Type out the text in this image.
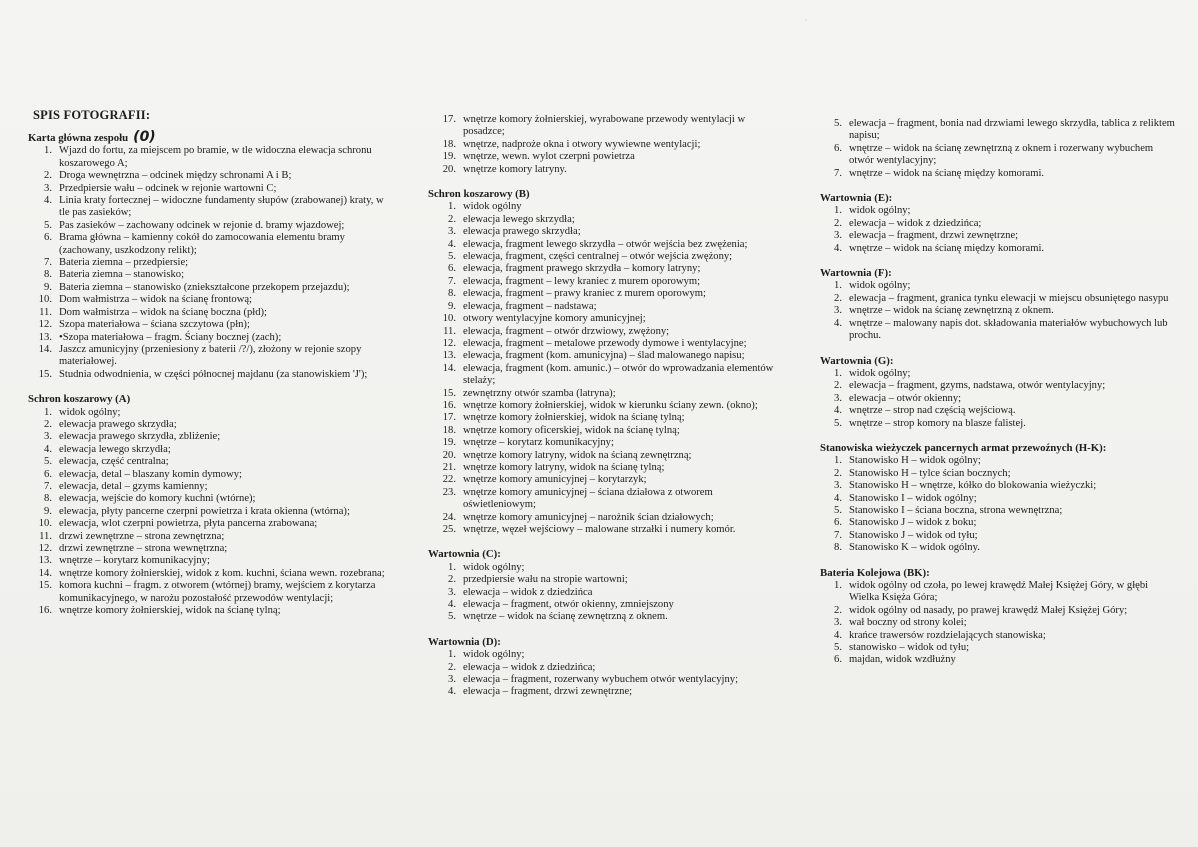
'
SPIS FOTOGRAFII:
Karta główna zespołu (0)
1. Wjazd do fortu, za miejscem po bramie, w tle widoczna elewacja schronu koszarowego A;
2. Droga wewnętrzna – odcinek między schronami A i B;
3. Przedpiersie wału – odcinek w rejonie wartowni C;
4. Linia kraty fortecznej – widoczne fundamenty słupów (zrabowanej) kraty, w tle pas zasieków;
5. Pas zasieków – zachowany odcinek w rejonie d. bramy wjazdowej;
6. Brama główna – kamienny cokół do zamocowania elementu bramy (zachowany, uszkodzony relikt);
7. Bateria ziemna – przedpiersie;
8. Bateria ziemna – stanowisko;
9. Bateria ziemna – stanowisko (zniekształcone przekopem przejazdu);
10. Dom wałmistrza – widok na ścianę frontową;
11. Dom wałmistrza – widok na ścianę boczna (płd);
12. Szopa materiałowa – ściana szczytowa (płn);
13. •Szopa materiałowa – fragm. Ściany bocznej (zach);
14. Jaszcz amunicyjny (przeniesiony z baterii /?/), złożony w rejonie szopy materiałowej.
15. Studnia odwodnienia, w części północnej majdanu (za stanowiskiem 'J');
Schron koszarowy (A)
1. widok ogólny;
2. elewacja prawego skrzydła;
3. elewacja prawego skrzydła, zbliżenie;
4. elewacja lewego skrzydła;
5. elewacja, część centralna;
6. elewacja, detal – blaszany komin dymowy;
7. elewacja, detal – gzyms kamienny;
8. elewacja, wejście do komory kuchni (wtórne);
9. elewacja, płyty pancerne czerpni powietrza i krata okienna (wtórna);
10. elewacja, wlot czerpni powietrza, płyta pancerna zrabowana;
11. drzwi zewnętrzne – strona zewnętrzna;
12. drzwi zewnętrzne – strona wewnętrzna;
13. wnętrze – korytarz komunikacyjny;
14. wnętrze komory żołnierskiej, widok z kom. kuchni, ściana wewn. rozebrana;
15. komora kuchni – fragm. z otworem (wtórnej) bramy, wejściem z korytarza komunikacyjnego, w narożu pozostałość przewodów wentylacji;
16. wnętrze komory żołnierskiej, widok na ścianę tylną;
17. wnętrze komory żołnierskiej, wyrabowane przewody wentylacji w posadzce;
18. wnętrze, nadproże okna i otwory wywiewne wentylacji;
19. wnętrze, wewn. wylot czerpni powietrza
20. wnętrze komory latryny.
Schron koszarowy (B)
1. widok ogólny
2. elewacja lewego skrzydła;
3. elewacja prawego skrzydła;
4. elewacja, fragment lewego skrzydła – otwór wejścia bez zwężenia;
5. elewacja, fragment, części centralnej – otwór wejścia zwężony;
6. elewacja, fragment prawego skrzydła – komory latryny;
7. elewacja, fragment – lewy kraniec z murem oporowym;
8. elewacja, fragment – prawy kraniec z murem oporowym;
9. elewacja, fragment – nadstawa;
10. otwory wentylacyjne komory amunicyjnej;
11. elewacja, fragment – otwór drzwiowy, zwężony;
12. elewacja, fragment – metalowe przewody dymowe i wentylacyjne;
13. elewacja, fragment (kom. amunicyjna) – ślad malowanego napisu;
14. elewacja, fragment (kom. amunic.) – otwór do wprowadzania elementów stelaży;
15. zewnętrzny otwór szamba (latryna);
16. wnętrze komory żołnierskiej, widok w kierunku ściany zewn. (okno);
17. wnętrze komory żołnierskiej, widok na ścianę tylną;
18. wnętrze komory oficerskiej, widok na ścianę tylną;
19. wnętrze – korytarz komunikacyjny;
20. wnętrze komory latryny, widok na ścianą zewnętrzną;
21. wnętrze komory latryny, widok na ścianę tylną;
22. wnętrze komory amunicyjnej – korytarzyk;
23. wnętrze komory amunicyjnej – ściana działowa z otworem oświetleniowym;
24. wnętrze komory amunicyjnej – narożnik ścian działowych;
25. wnętrze, węzeł wejściowy – malowane strzałki i numery komór.
Wartownia (C):
1. widok ogólny;
2. przedpiersie wału na stropie wartowni;
3. elewacja – widok z dziedzińca
4. elewacja – fragment, otwór okienny, zmniejszony
5. wnętrze – widok na ścianę zewnętrzną z oknem.
Wartownia (D):
1. widok ogólny;
2. elewacja – widok z dziedzińca;
3. elewacja – fragment, rozerwany wybuchem otwór wentylacyjny;
4. elewacja – fragment, drzwi zewnętrzne;
5. elewacja – fragment, bonia nad drzwiami lewego skrzydła, tablica z reliktem napisu;
6. wnętrze – widok na ścianę zewnętrzną z oknem i rozerwany wybuchem otwór wentylacyjny;
7. wnętrze – widok na ścianę między komorami.
Wartownia (E):
1. widok ogólny;
2. elewacja – widok z dziedzińca;
3. elewacja – fragment, drzwi zewnętrzne;
4. wnętrze – widok na ścianę między komorami.
Wartownia (F):
1. widok ogólny;
2. elewacja – fragment, granica tynku elewacji w miejscu obsuniętego nasypu
3. wnętrze – widok na ścianę zewnętrzną z oknem.
4. wnętrze – malowany napis dot. składowania materiałów wybuchowych lub prochu.
Wartownia (G):
1. widok ogólny;
2. elewacja – fragment, gzyms, nadstawa, otwór wentylacyjny;
3. elewacja – otwór okienny;
4. wnętrze – strop nad częścią wejściową.
5. wnętrze – strop komory na blasze falistej.
Stanowiska wieżyczek pancernych armat przewoźnych (H-K):
1. Stanowisko H – widok ogólny;
2. Stanowisko H – tylce ścian bocznych;
3. Stanowisko H – wnętrze, kółko do blokowania wieżyczki;
4. Stanowisko I – widok ogólny;
5. Stanowisko I – ściana boczna, strona wewnętrzna;
6. Stanowisko J – widok z boku;
7. Stanowisko J – widok od tyłu;
8. Stanowisko K – widok ogólny.
Bateria Kolejowa (BK):
1. widok ogólny od czoła, po lewej krawędź Małej Księżej Góry, w głębi Wielka Księża Góra;
2. widok ogólny od nasady, po prawej krawędź Małej Księżej Góry;
3. wał boczny od strony kolei;
4. krańce trawersów rozdzielających stanowiska;
5. stanowisko – widok od tyłu;
6. majdan, widok wzdłużny
